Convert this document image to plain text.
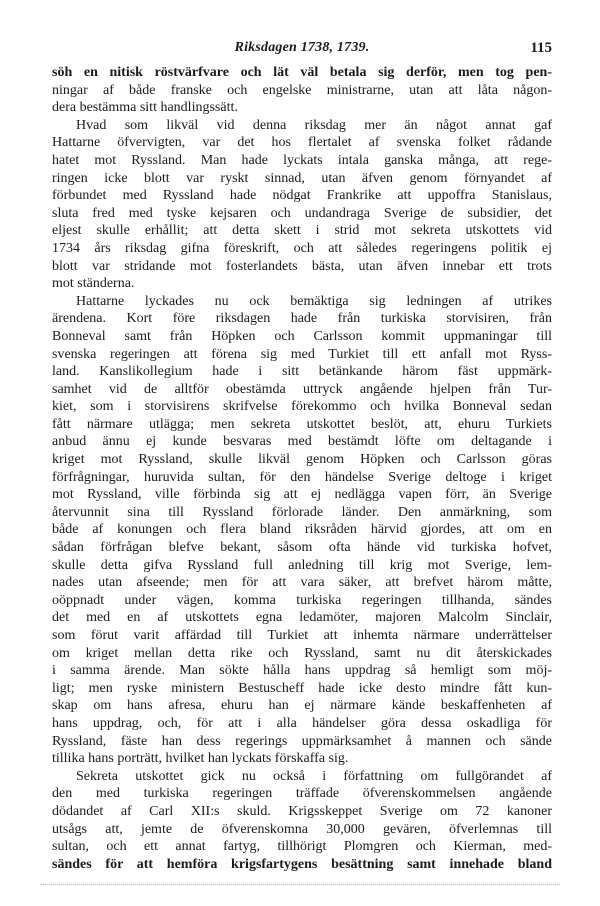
Riksdagen 1738, 1739.	115
söh en nitisk röstvärfvare och lät väl betala sig derför, men tog pen-
ningar af både franske och engelske ministrarne, utan att låta någon-
dera bestämma sitt handlingssätt.
Hvad som likväl vid denna riksdag mer än något annat gaf
Hattarne öfvervigten, var det hos flertalet af svenska folket rådande
hatet mot Ryssland. Man hade lyckats intala ganska många, att rege-
ringen icke blott var ryskt sinnad, utan äfven genom förnyandet af
förbundet med Ryssland hade nödgat Frankrike att uppoffra Stanislaus,
sluta fred med tyske kejsaren och undandraga Sverige de subsidier, det
eljest skulle erhållit; att detta skett i strid mot sekreta utskottets vid
1734 års riksdag gifna föreskrift, och att således regeringens politik ej
blott var stridande mot fosterlandets bästa, utan äfven innebar ett trots
mot ständerna.
Hattarne lyckades nu ock bemäktiga sig ledningen af utrikes
ärendena. Kort före riksdagen hade från turkiska storvisiren, från
Bonneval samt från Höpken och Carlsson kommit uppmaningar till
svenska regeringen att förena sig med Turkiet till ett anfall mot Ryss-
land. Kanslikollegium hade i sitt betänkande härom fäst uppmärk-
samhet vid de alltför obestämda uttryck angående hjelpen från Tur-
kiet, som i storvisirens skrifvelse förekommo och hvilka Bonneval sedan
fått närmare utlägga; men sekreta utskottet beslöt, att, ehuru Turkiets
anbud ännu ej kunde besvaras med bestämdt löfte om deltagande i
kriget mot Ryssland, skulle likväl genom Höpken och Carlsson göras
förfrågningar, huruvida sultan, för den händelse Sverige deltoge i kriget
mot Ryssland, ville förbinda sig att ej nedlägga vapen förr, än Sverige
återvunnit sina till Ryssland förlorade länder. Den anmärkning, som
både af konungen och flera bland riksråden härvid gjordes, att om en
sådan förfrågan blefve bekant, såsom ofta hände vid turkiska hofvet,
skulle detta gifva Ryssland full anledning till krig mot Sverige, lem-
nades utan afseende; men för att vara säker, att brefvet härom måtte,
oöppnadt under vägen, komma turkiska regeringen tillhanda, sändes
det med en af utskottets egna ledamöter, majoren Malcolm Sinclair,
som förut varit affärdad till Turkiet att inhemta närmare underrättelser
om kriget mellan detta rike och Ryssland, samt nu dit återskickades
i samma ärende. Man sökte hålla hans uppdrag så hemligt som möj-
ligt; men ryske ministern Bestuscheff hade icke desto mindre fått kun-
skap om hans afresa, ehuru han ej närmare kände beskaffenheten af
hans uppdrag, och, för att i alla händelser göra dessa oskadliga för
Ryssland, fäste han dess regerings uppmärksamhet å mannen och sände
tillika hans porträtt, hvilket han lyckats förskaffa sig.
Sekreta utskottet gick nu också i författning om fullgörandet af
den med turkiska regeringen träffade öfverenskommelsen angående
dödandet af Carl XII:s skuld. Krigsskeppet Sverige om 72 kanoner
utsågs att, jemte de öfverenskomna 30,000 gevären, öfverlemnas till
sultan, och ett annat fartyg, tillhörigt Plomgren och Kierman, med-
sändes för att hemföra krigsfartygens besättning samt innehade bland
